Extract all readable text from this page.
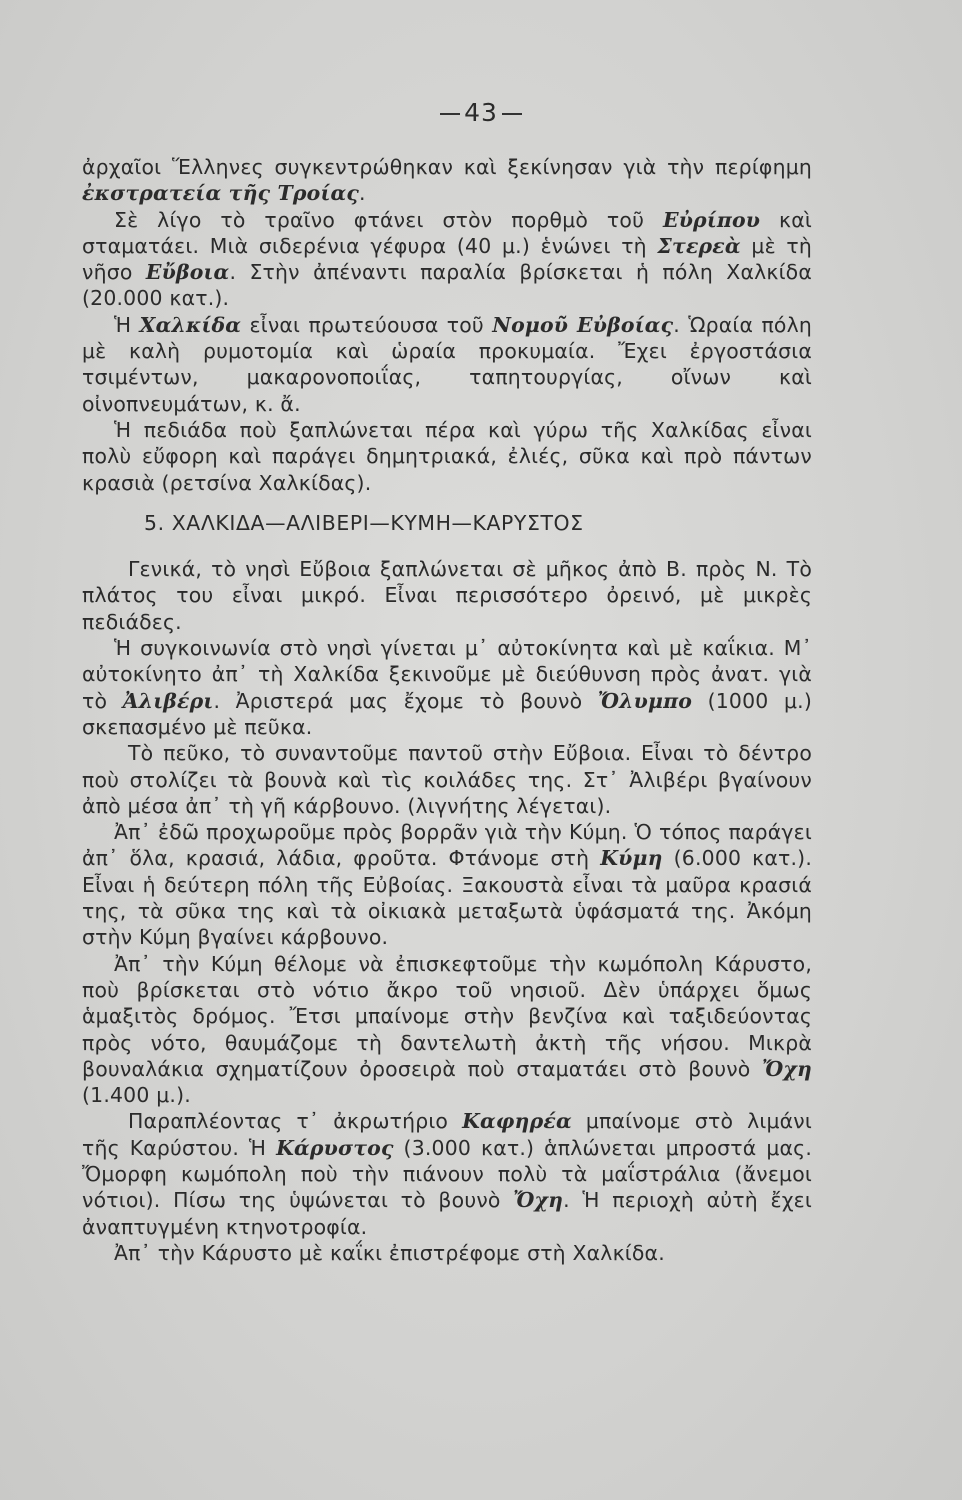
43

ἀρχαῖοι Ἕλληνες συγκεντρώθηκαν καὶ ξεκίνησαν γιὰ τὴν περίφημη ἐκστρατεία τῆς Τροίας.

Σὲ λίγο τὸ τραῖνο φτάνει στὸν πορθμὸ τοῦ Εὐρίπου καὶ σταματάει. Μιὰ σιδερένια γέφυρα (40 μ.) ἑνώνει τὴ Στερεὰ μὲ τὴ νῆσο Εὔβοια. Στὴν ἀπέναντι παραλία βρίσκεται ἡ πόλη Χαλκίδα (20.000 κατ.).

Ἡ Χαλκίδα εἶναι πρωτεύουσα τοῦ Νομοῦ Εὐβοίας. Ὡραία πόλη μὲ καλὴ ρυμοτομία καὶ ὡραία προκυμαία. Ἔχει ἐργοστάσια τσιμέντων, μακαρονοποιΐας, ταπητουργίας, οἴνων καὶ οἰνοπνευμάτων, κ. ἄ.

Ἡ πεδιάδα ποὺ ξαπλώνεται πέρα καὶ γύρω τῆς Χαλκίδας εἶναι πολὺ εὔφορη καὶ παράγει δημητριακά, ἐλιές, σῦκα καὶ πρὸ πάντων κρασιὰ (ρετσίνα Χαλκίδας).

5. ΧΑΛΚΙΔΑ—ΑΛΙΒΕΡΙ—ΚΥΜΗ—ΚΑΡΥΣΤΟΣ

Γενικά, τὸ νησὶ Εὔβοια ξαπλώνεται σὲ μῆκος ἀπὸ Β. πρὸς Ν. Τὸ πλάτος του εἶναι μικρό. Εἶναι περισσότερο ὀρεινό, μὲ μικρὲς πεδιάδες.

Ἡ συγκοινωνία στὸ νησὶ γίνεται μ᾽ αὐτοκίνητα καὶ μὲ καΐκια. Μ᾽ αὐτοκίνητο ἀπ᾽ τὴ Χαλκίδα ξεκινοῦμε μὲ διεύθυνση πρὸς ἀνατ. γιὰ τὸ Ἀλιβέρι. Ἀριστερά μας ἔχομε τὸ βουνὸ Ὄλυμπο (1000 μ.) σκεπασμένο μὲ πεῦκα.

Τὸ πεῦκο, τὸ συναντοῦμε παντοῦ στὴν Εὔβοια. Εἶναι τὸ δέντρο ποὺ στολίζει τὰ βουνὰ καὶ τὶς κοιλάδες της. Στ᾽ Ἀλιβέρι βγαίνουν ἀπὸ μέσα ἀπ᾽ τὴ γῆ κάρβουνο. (λιγνήτης λέγεται).

Ἀπ᾽ ἐδῶ προχωροῦμε πρὸς βορρᾶν γιὰ τὴν Κύμη. Ὁ τόπος παράγει ἀπ᾽ ὅλα, κρασιά, λάδια, φροῦτα. Φτάνομε στὴ Κύμη (6.000 κατ.). Εἶναι ἡ δεύτερη πόλη τῆς Εὐβοίας. Ξακουστὰ εἶναι τὰ μαῦρα κρασιά της, τὰ σῦκα της καὶ τὰ οἰκιακὰ μεταξωτὰ ὑφάσματά της. Ἀκόμη στὴν Κύμη βγαίνει κάρβουνο.

Ἀπ᾽ τὴν Κύμη θέλομε νὰ ἐπισκεφτοῦμε τὴν κωμόπολη Κάρυστο, ποὺ βρίσκεται στὸ νότιο ἄκρο τοῦ νησιοῦ. Δὲν ὑπάρχει ὅμως ἁμαξιτὸς δρόμος. Ἔτσι μπαίνομε στὴν βενζίνα καὶ ταξιδεύοντας πρὸς νότο, θαυμάζομε τὴ δαντελωτὴ ἀκτὴ τῆς νήσου. Μικρὰ βουναλάκια σχηματίζουν ὀροσειρὰ ποὺ σταματάει στὸ βουνὸ Ὄχη (1.400 μ.).

Παραπλέοντας τ᾽ ἀκρωτήριο Καφηρέα μπαίνομε στὸ λιμάνι τῆς Καρύστου. Ἡ Κάρυστος (3.000 κατ.) ἁπλώνεται μπροστά μας. Ὄμορφη κωμόπολη ποὺ τὴν πιάνουν πολὺ τὰ μαΐστράλια (ἄνεμοι νότιοι). Πίσω της ὑψώνεται τὸ βουνὸ Ὄχη. Ἡ περιοχὴ αὐτὴ ἔχει ἀναπτυγμένη κτηνοτροφία.

Ἀπ᾽ τὴν Κάρυστο μὲ καΐκι ἐπιστρέφομε στὴ Χαλκίδα.
